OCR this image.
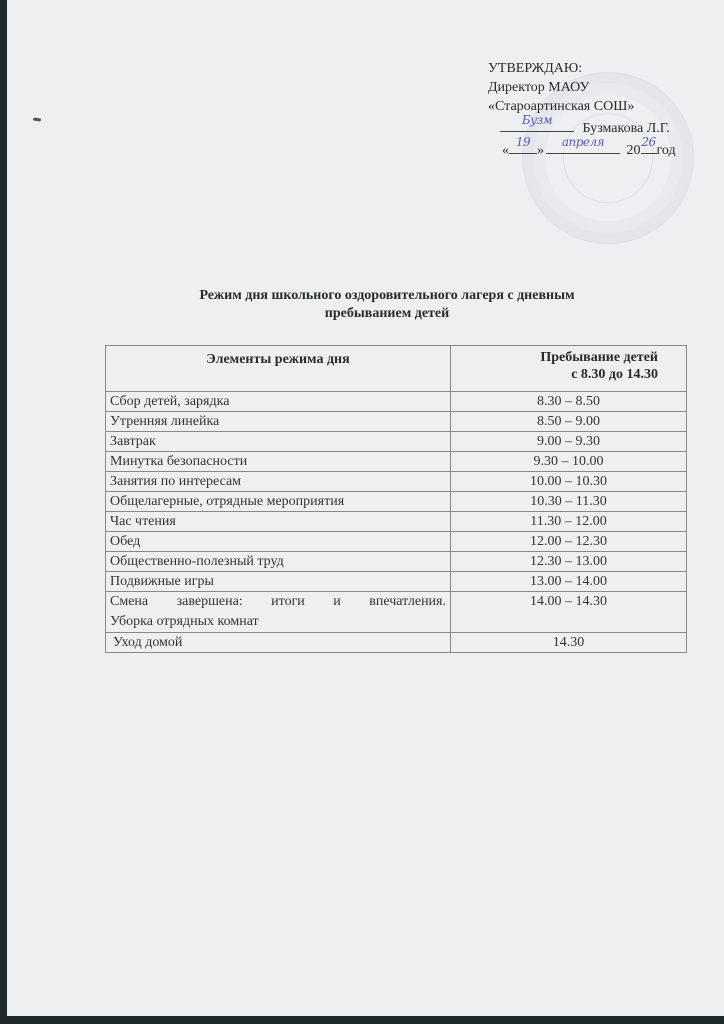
УТВЕРЖДАЮ:
Директор МАОУ
«Староартинская СОШ»
Бузм
Бузмакова Л.Г.
«
19
»
апреля
20
26
год
Режим дня школьного оздоровительного лагеря с дневным
пребыванием детей
Элементы режима дня	Пребывание детей
с 8.30 до 14.30

Сбор детей, зарядка	8.30 – 8.50
Утренняя линейка	8.50 – 9.00
Завтрак	9.00 – 9.30
Минутка безопасности	9.30 – 10.00
Занятия по интересам	10.00 – 10.30
Общелагерные, отрядные мероприятия	10.30 – 11.30
Час чтения	11.30 – 12.00
Обед	12.00 – 12.30
Общественно-полезный труд	12.30 – 13.00
Подвижные игры	13.00 – 14.00

Смена завершена: итоги и впечатления.
Уборка отрядных комнат	14.00 – 14.30
Уход домой	14.30
